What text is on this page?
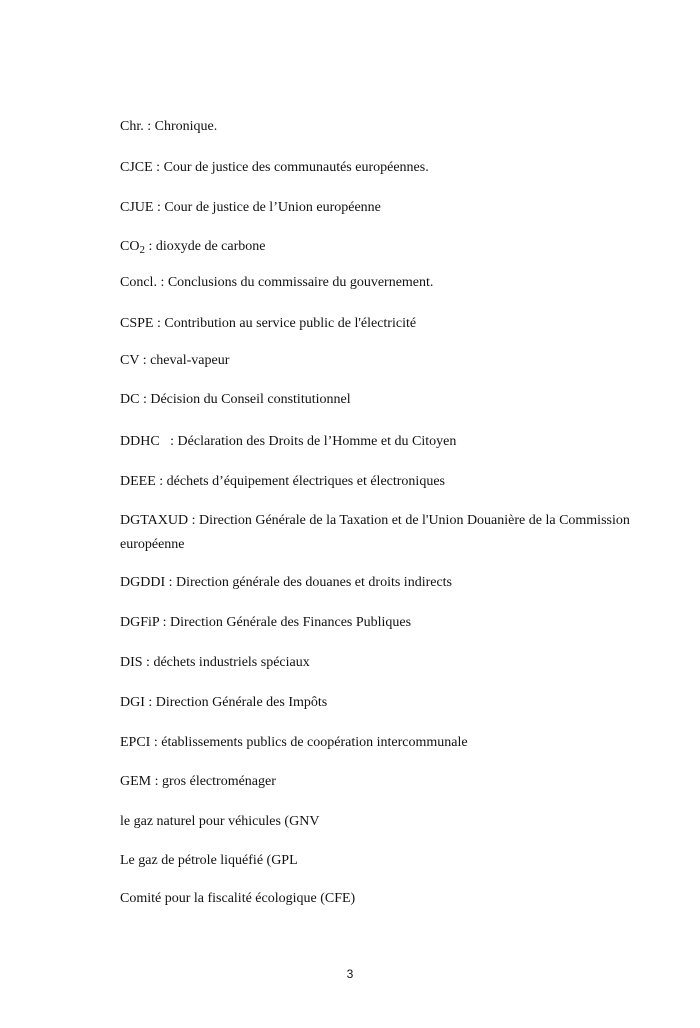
Chr. : Chronique.
CJCE : Cour de justice des communautés européennes.
CJUE : Cour de justice de l’Union européenne
$CO_2$ : dioxyde de carbone
Concl. : Conclusions du commissaire du gouvernement.
CSPE : Contribution au service public de l'électricité
CV : cheval-vapeur
DC : Décision du Conseil constitutionnel
DDHC   : Déclaration des Droits de l’Homme et du Citoyen
DEEE : déchets d’équipement électriques et électroniques
DGTAXUD : Direction Générale de la Taxation et de l'Union Douanière de la Commission européenne
DGDDI : Direction générale des douanes et droits indirects
DGFiP : Direction Générale des Finances Publiques
DIS : déchets industriels spéciaux
DGI : Direction Générale des Impôts
EPCI : établissements publics de coopération intercommunale
GEM : gros électroménager
le gaz naturel pour véhicules (GNV
Le gaz de pétrole liquéfié (GPL
Comité pour la fiscalité écologique (CFE)
3
